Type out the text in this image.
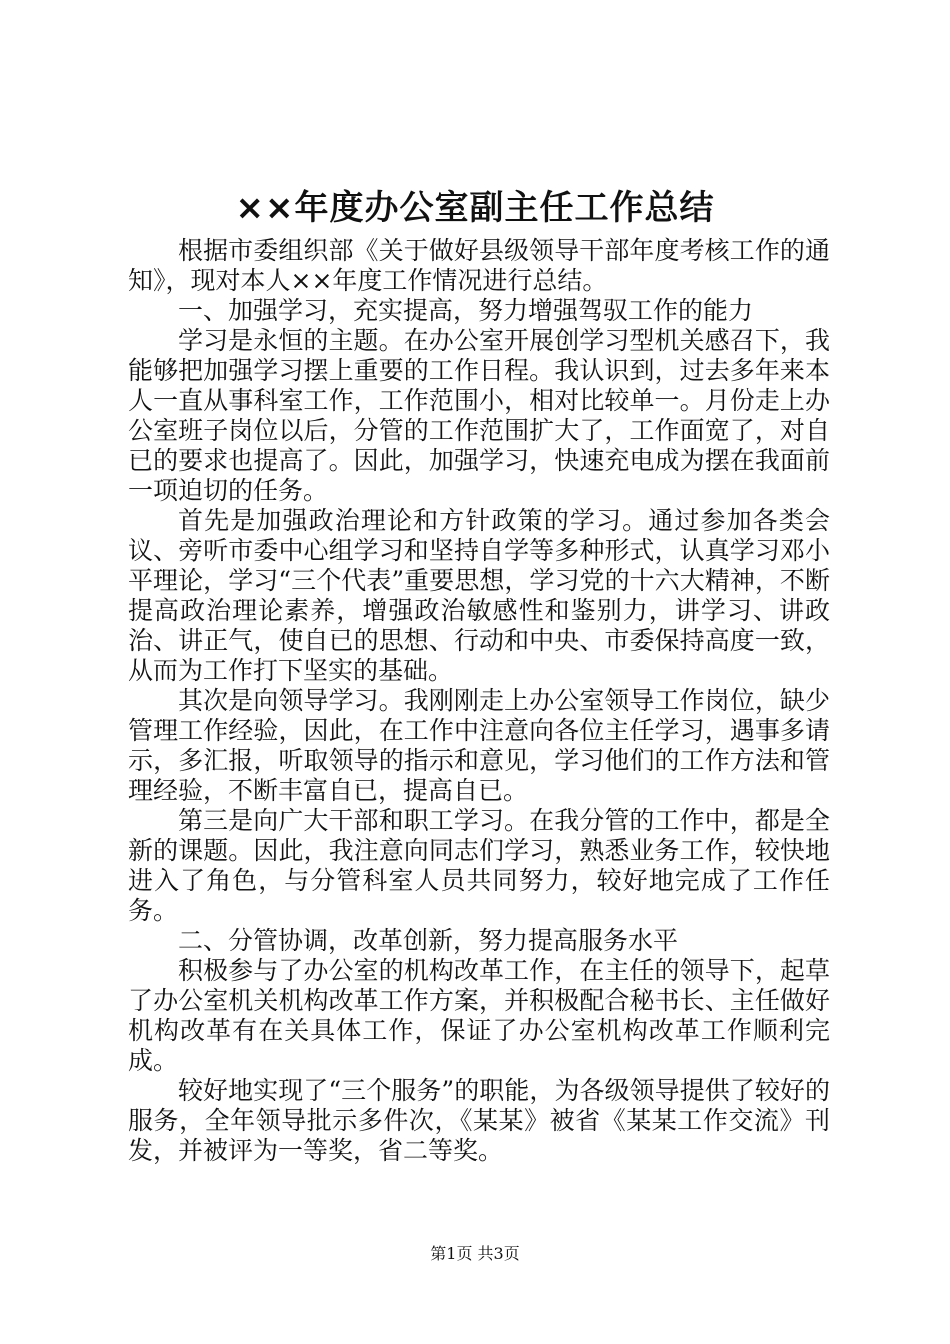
××年度办公室副主任工作总结

根据市委组织部《关于做好县级领导干部年度考核工作的通知》，现对本人××年度工作情况进行总结。

一、加强学习，充实提高，努力增强驾驭工作的能力

学习是永恒的主题。在办公室开展创学习型机关感召下，我能够把加强学习摆上重要的工作日程。我认识到，过去多年来本人一直从事科室工作，工作范围小，相对比较单一。月份走上办公室班子岗位以后，分管的工作范围扩大了，工作面宽了，对自已的要求也提高了。因此，加强学习，快速充电成为摆在我面前一项迫切的任务。

首先是加强政治理论和方针政策的学习。通过参加各类会议、旁听市委中心组学习和坚持自学等多种形式，认真学习邓小平理论，学习“三个代表”重要思想，学习党的十六大精神，不断提高政治理论素养，增强政治敏感性和鉴别力，讲学习、讲政治、讲正气，使自已的思想、行动和中央、市委保持高度一致，从而为工作打下坚实的基础。

其次是向领导学习。我刚刚走上办公室领导工作岗位，缺少管理工作经验，因此，在工作中注意向各位主任学习，遇事多请示，多汇报，听取领导的指示和意见，学习他们的工作方法和管理经验，不断丰富自已，提高自已。

第三是向广大干部和职工学习。在我分管的工作中，都是全新的课题。因此，我注意向同志们学习，熟悉业务工作，较快地进入了角色，与分管科室人员共同努力，较好地完成了工作任务。

二、分管协调，改革创新，努力提高服务水平

积极参与了办公室的机构改革工作，在主任的领导下，起草了办公室机关机构改革工作方案，并积极配合秘书长、主任做好机构改革有在关具体工作，保证了办公室机构改革工作顺利完成。

较好地实现了“三个服务”的职能，为各级领导提供了较好的服务，全年领导批示多件次，《某某》被省《某某工作交流》刊发，并被评为一等奖，省二等奖。

第1页 共3页
